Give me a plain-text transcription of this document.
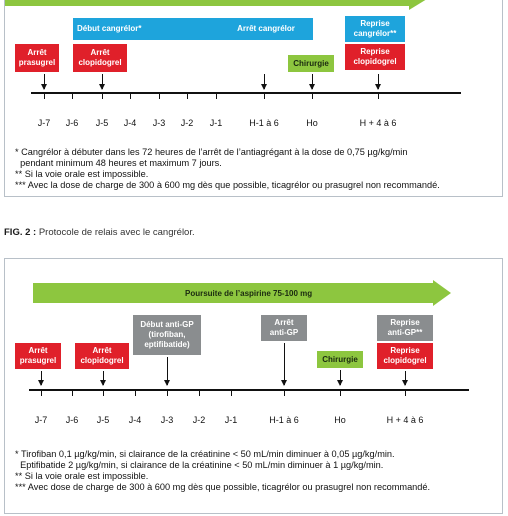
Début cangrélor*	Arrêt cangrélor
Arrêt
prasugrel
Arrêt
clopidogrel	Chirurgie
Reprise
cangrélor**
Reprise
clopidogrel
J-7	J-6	J-5	J-4	J-3	J-2	J-1	H-1 à 6	Ho	H + 4 à 6
* Cangrélor à débuter dans les 72 heures de l’arrêt de l’antiagrégant à la dose de 0,75 µg/kg/min
pendant minimum 48 heures et maximum 7 jours.
** Si la voie orale est impossible.
*** Avec la dose de charge de 300 à 600 mg dès que possible, ticagrélor ou prasugrel non recommandé.
FIG. 2 : Protocole de relais avec le cangrélor.
Poursuite de l’aspirine 75-100 mg
Arrêt
prasugrel
Arrêt
clopidogrel
Début anti-GP
(tirofiban,
eptifibatide)
Arrêt
anti-GP
Chirurgie
Reprise
anti-GP**
Reprise
clopidogrel
J-7	J-6	J-5	J-4	J-3	J-2	J-1	H-1 à 6	Ho	H + 4 à 6
* Tirofiban 0,1 µg/kg/min, si clairance de la créatinine < 50 mL/min diminuer à 0,05 µg/kg/min.
Eptifibatide 2 µg/kg/min, si clairance de la créatinine < 50 mL/min diminuer à 1 µg/kg/min.
** Si la voie orale est impossible.
*** Avec dose de charge de 300 à 600 mg dès que possible, ticagrélor ou prasugrel non recommandé.
